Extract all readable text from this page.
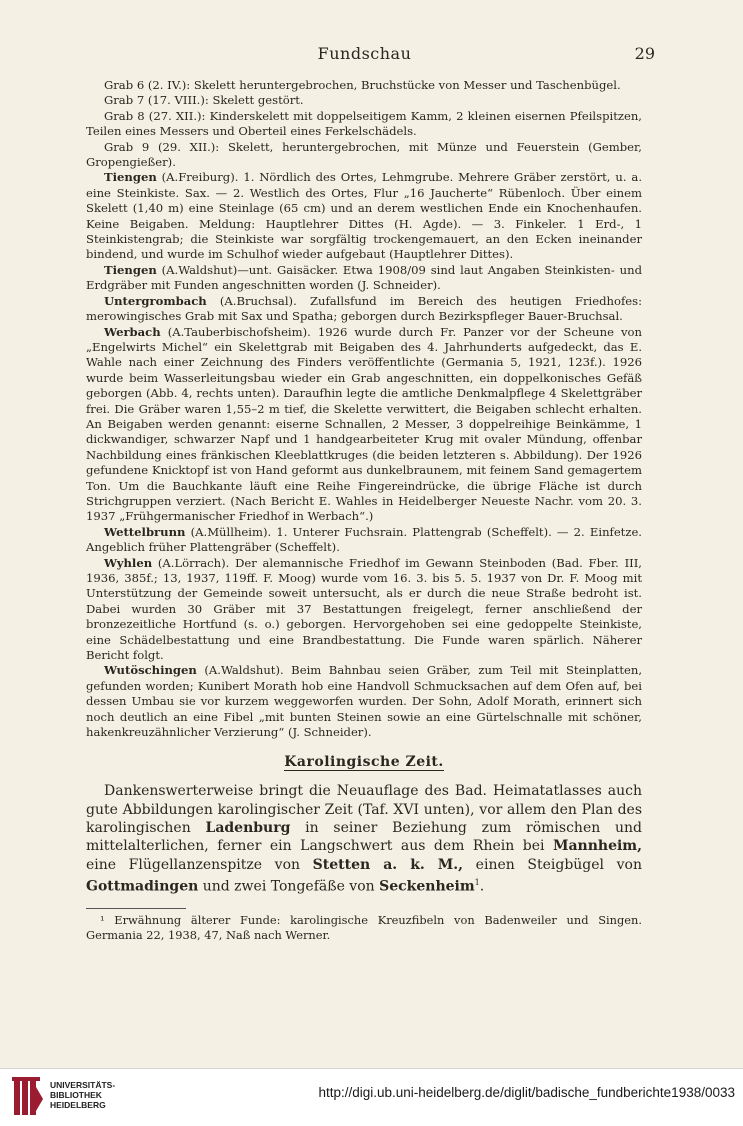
Fundschau	29

Grab 6 (2. IV.): Skelett heruntergebrochen, Bruchstücke von Messer und Taschenbügel.

Grab 7 (17. VIII.): Skelett gestört.

Grab 8 (27. XII.): Kinderskelett mit doppelseitigem Kamm, 2 kleinen eisernen Pfeilspitzen, Teilen eines Messers und Oberteil eines Ferkelschädels.

Grab 9 (29. XII.): Skelett, heruntergebrochen, mit Münze und Feuerstein (Gember, Gropengießer).

Tiengen (A.Freiburg). 1. Nördlich des Ortes, Lehmgrube. Mehrere Gräber zerstört, u. a. eine Steinkiste. Sax. — 2. Westlich des Ortes, Flur „16 Jaucherte“ Rübenloch. Über einem Skelett (1,40 m) eine Steinlage (65 cm) und an derem westlichen Ende ein Knochenhaufen. Keine Beigaben. Meldung: Hauptlehrer Dittes (H. Agde). — 3. Finkeler. 1 Erd-, 1 Steinkistengrab; die Steinkiste war sorgfältig trockengemauert, an den Ecken ineinander bindend, und wurde im Schulhof wieder aufgebaut (Hauptlehrer Dittes).

Tiengen (A.Waldshut)—unt. Gaisäcker. Etwa 1908/09 sind laut Angaben Steinkisten- und Erdgräber mit Funden angeschnitten worden (J. Schneider).

Untergrombach (A.Bruchsal). Zufallsfund im Bereich des heutigen Friedhofes: merowingisches Grab mit Sax und Spatha; geborgen durch Bezirkspfleger Bauer-Bruchsal.

Werbach (A.Tauberbischofsheim). 1926 wurde durch Fr. Panzer vor der Scheune von „Engelwirts Michel“ ein Skelettgrab mit Beigaben des 4. Jahrhunderts aufgedeckt, das E. Wahle nach einer Zeichnung des Finders veröffentlichte (Germania 5, 1921, 123f.). 1926 wurde beim Wasserleitungsbau wieder ein Grab angeschnitten, ein doppelkonisches Gefäß geborgen (Abb. 4, rechts unten). Daraufhin legte die amtliche Denkmalpflege 4 Skelettgräber frei. Die Gräber waren 1,55–2 m tief, die Skelette verwittert, die Beigaben schlecht erhalten. An Beigaben werden genannt: eiserne Schnallen, 2 Messer, 3 doppelreihige Beinkämme, 1 dickwandiger, schwarzer Napf und 1 handgearbeiteter Krug mit ovaler Mündung, offenbar Nachbildung eines fränkischen Kleeblattkruges (die beiden letzteren s. Abbildung). Der 1926 gefundene Knicktopf ist von Hand geformt aus dunkelbraunem, mit feinem Sand gemagertem Ton. Um die Bauchkante läuft eine Reihe Fingereindrücke, die übrige Fläche ist durch Strichgruppen verziert. (Nach Bericht E. Wahles in Heidelberger Neueste Nachr. vom 20. 3. 1937 „Frühgermanischer Friedhof in Werbach“.)

Wettelbrunn (A.Müllheim). 1. Unterer Fuchsrain. Plattengrab (Scheffelt). — 2. Einfetze. Angeblich früher Plattengräber (Scheffelt).

Wyhlen (A.Lörrach). Der alemannische Friedhof im Gewann Steinboden (Bad. Fber. III, 1936, 385f.; 13, 1937, 119ff. F. Moog) wurde vom 16. 3. bis 5. 5. 1937 von Dr. F. Moog mit Unterstützung der Gemeinde soweit untersucht, als er durch die neue Straße bedroht ist. Dabei wurden 30 Gräber mit 37 Bestattungen freigelegt, ferner anschließend der bronzezeitliche Hortfund (s. o.) geborgen. Hervorgehoben sei eine gedoppelte Steinkiste, eine Schädelbestattung und eine Brandbestattung. Die Funde waren spärlich. Näherer Bericht folgt.

Wutöschingen (A.Waldshut). Beim Bahnbau seien Gräber, zum Teil mit Steinplatten, gefunden worden; Kunibert Morath hob eine Handvoll Schmucksachen auf dem Ofen auf, bei dessen Umbau sie vor kurzem weggeworfen wurden. Der Sohn, Adolf Morath, erinnert sich noch deutlich an eine Fibel „mit bunten Steinen sowie an eine Gürtelschnalle mit schöner, hakenkreuzähnlicher Verzierung“ (J. Schneider).

Karolingische Zeit.

Dankenswerterweise bringt die Neuauflage des Bad. Heimatatlasses auch gute Abbildungen karolingischer Zeit (Taf. XVI unten), vor allem den Plan des karolingischen Ladenburg in seiner Beziehung zum römischen und mittelalterlichen, ferner ein Langschwert aus dem Rhein bei Mannheim, eine Flügellanzenspitze von Stetten a. k. M., einen Steigbügel von Gottmadingen und zwei Tongefäße von Seckenheim$^1$.

¹ Erwähnung älterer Funde: karolingische Kreuzfibeln von Badenweiler und Singen. Germania 22, 1938, 47, Naß nach Werner.

UNIVERSITÄTS-
BIBLIOTHEK
HEIDELBERG
http://digi.ub.uni-heidelberg.de/diglit/badische_fundberichte1938/0033
